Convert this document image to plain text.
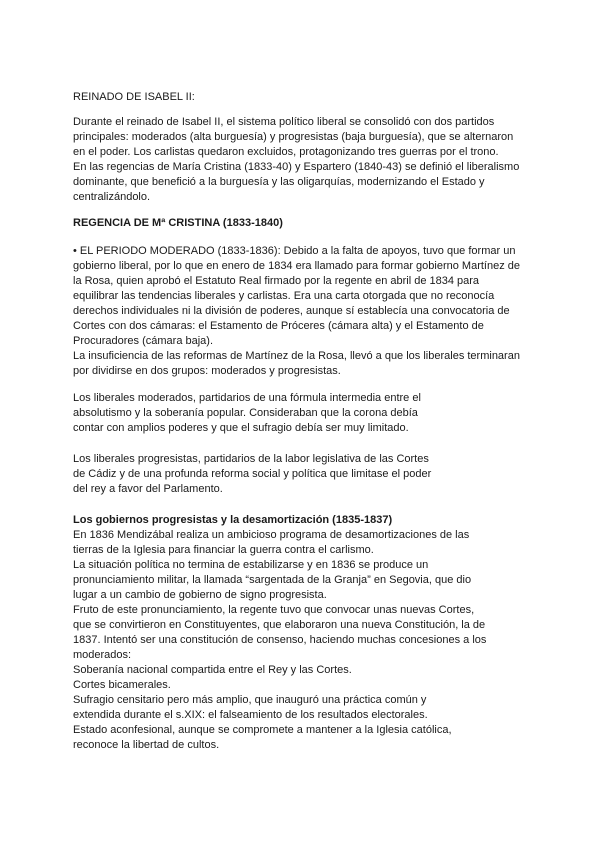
REINADO DE ISABEL II:
Durante el reinado de Isabel II, el sistema político liberal se consolidó con dos partidos
principales: moderados (alta burguesía) y progresistas (baja burguesía), que se alternaron
en el poder. Los carlistas quedaron excluidos, protagonizando tres guerras por el trono.
En las regencias de María Cristina (1833-40) y Espartero (1840-43) se definió el liberalismo
dominante, que benefició a la burguesía y las oligarquías, modernizando el Estado y
centralizándolo.
REGENCIA DE Mª CRISTINA (1833-1840)
• EL PERIODO MODERADO (1833-1836): Debido a la falta de apoyos, tuvo que formar un
gobierno liberal, por lo que en enero de 1834 era llamado para formar gobierno Martínez de
la Rosa, quien aprobó el Estatuto Real firmado por la regente en abril de 1834 para
equilibrar las tendencias liberales y carlistas. Era una carta otorgada que no reconocía
derechos individuales ni la división de poderes, aunque sí establecía una convocatoria de
Cortes con dos cámaras: el Estamento de Próceres (cámara alta) y el Estamento de
Procuradores (cámara baja).
La insuficiencia de las reformas de Martínez de la Rosa, llevó a que los liberales terminaran
por dividirse en dos grupos: moderados y progresistas.
Los liberales moderados, partidarios de una fórmula intermedia entre el
absolutismo y la soberanía popular. Consideraban que la corona debía
contar con amplios poderes y que el sufragio debía ser muy limitado.
Los liberales progresistas, partidarios de la labor legislativa de las Cortes
de Cádiz y de una profunda reforma social y política que limitase el poder
del rey a favor del Parlamento.
Los gobiernos progresistas y la desamortización (1835-1837)
En 1836 Mendizábal realiza un ambicioso programa de desamortizaciones de las
tierras de la Iglesia para financiar la guerra contra el carlismo.
La situación política no termina de estabilizarse y en 1836 se produce un
pronunciamiento militar, la llamada “sargentada de la Granja” en Segovia, que dio
lugar a un cambio de gobierno de signo progresista.
Fruto de este pronunciamiento, la regente tuvo que convocar unas nuevas Cortes,
que se convirtieron en Constituyentes, que elaboraron una nueva Constitución, la de
1837. Intentó ser una constitución de consenso, haciendo muchas concesiones a los
moderados:
Soberanía nacional compartida entre el Rey y las Cortes.
Cortes bicamerales.
Sufragio censitario pero más amplio, que inauguró una práctica común y
extendida durante el s.XIX: el falseamiento de los resultados electorales.
Estado aconfesional, aunque se compromete a mantener a la Iglesia católica,
reconoce la libertad de cultos.
